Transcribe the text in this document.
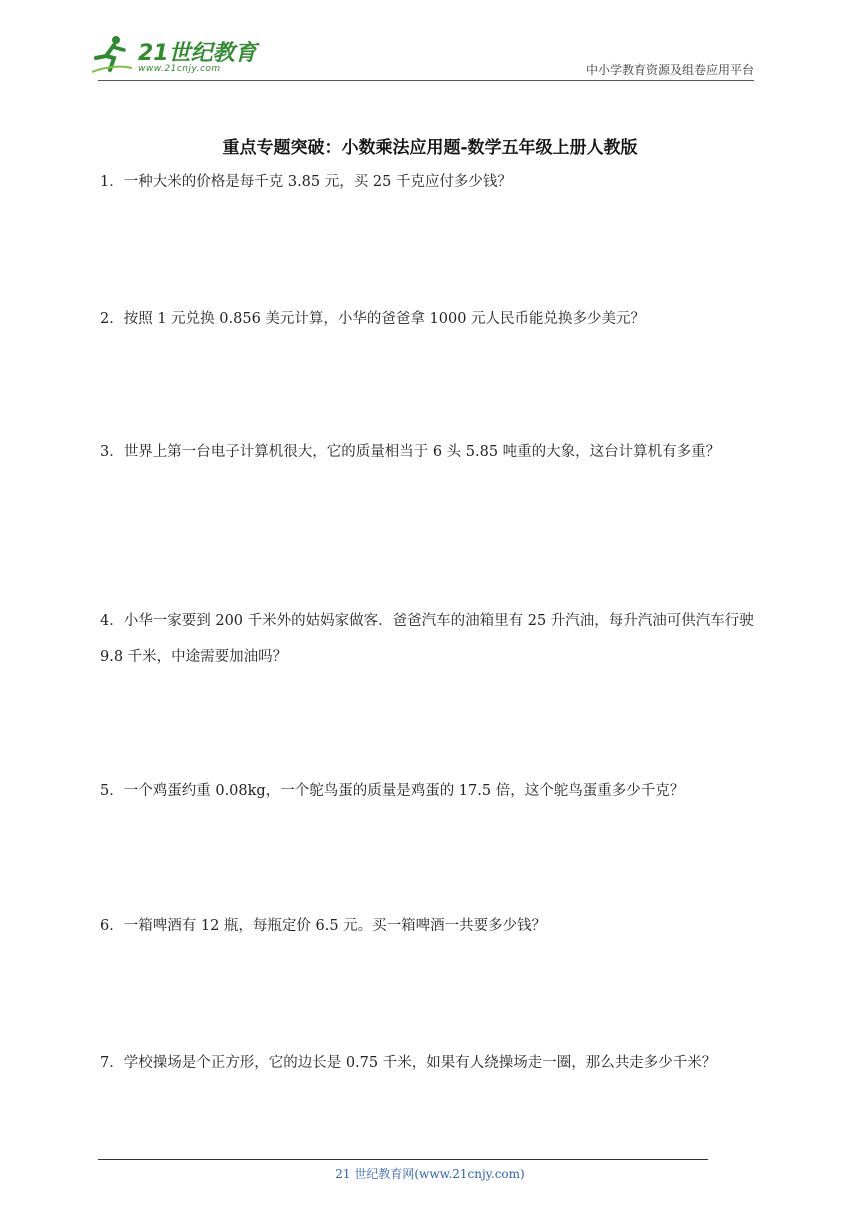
21世纪教育
www.21cnjy.com	中小学教育资源及组卷应用平台
重点专题突破：小数乘法应用题-数学五年级上册人教版
1．一种大米的价格是每千克 3.85 元，买 25 千克应付多少钱？
2．按照 1 元兑换 0.856 美元计算，小华的爸爸拿 1000 元人民币能兑换多少美元？
3．世界上第一台电子计算机很大，它的质量相当于 6 头 5.85 吨重的大象，这台计算机有多重？
4．小华一家要到 200 千米外的姑妈家做客．爸爸汽车的油箱里有 25 升汽油，每升汽油可供汽车行驶 9.8 千米，中途需要加油吗？
5．一个鸡蛋约重 0.08kg，一个鸵鸟蛋的质量是鸡蛋的 17.5 倍，这个鸵鸟蛋重多少千克？
6．一箱啤酒有 12 瓶，每瓶定价 6.5 元。买一箱啤酒一共要多少钱？
7．学校操场是个正方形，它的边长是 0.75 千米，如果有人绕操场走一圈，那么共走多少千米？
21 世纪教育网(www.21cnjy.com)
